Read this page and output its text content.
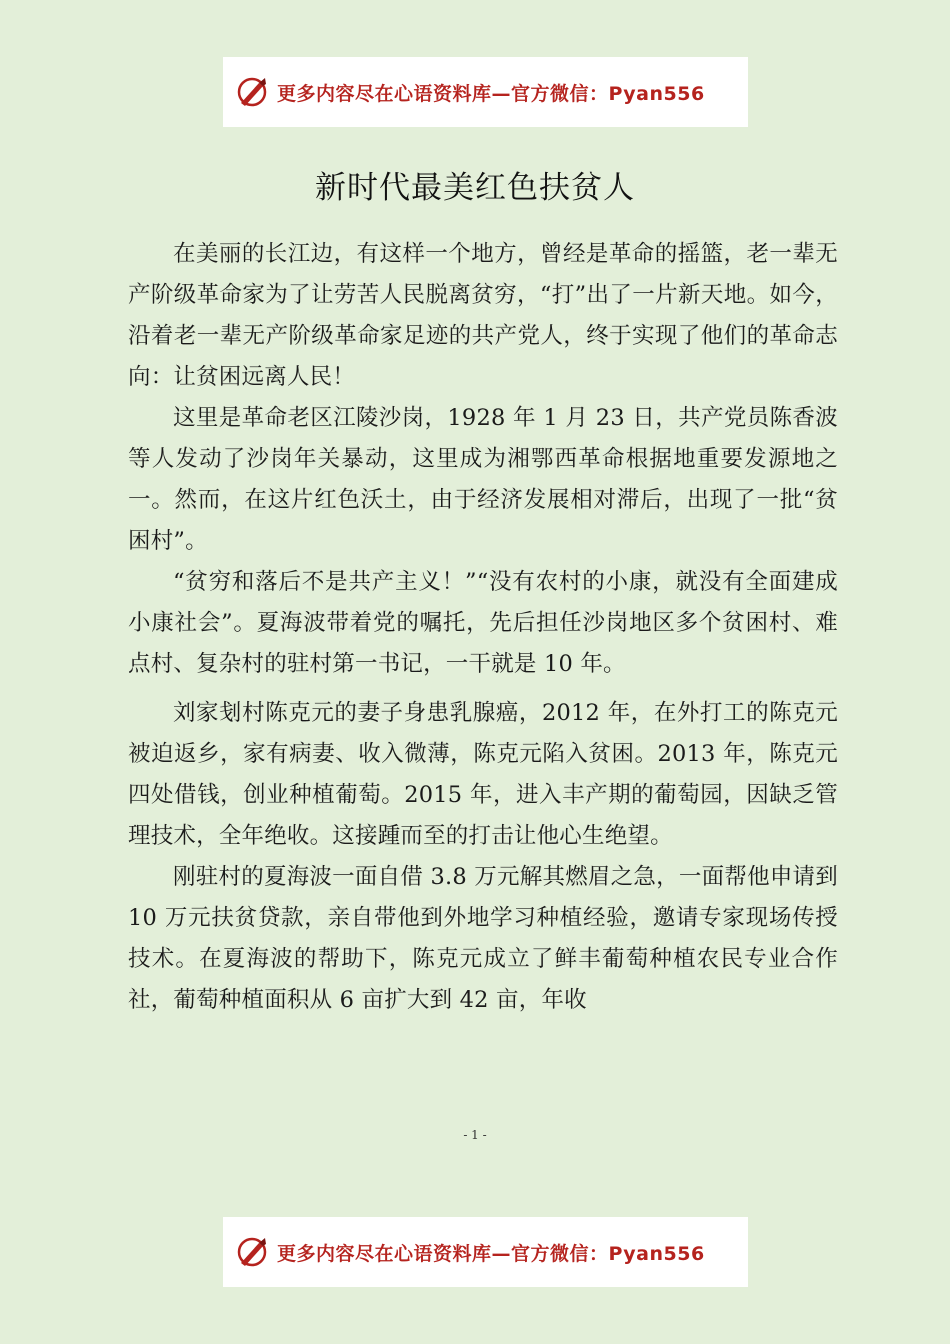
更多内容尽在心语资料库—官方微信：Pyan556
新时代最美红色扶贫人

在美丽的长江边，有这样一个地方，曾经是革命的摇篮，老一辈无产阶级革命家为了让劳苦人民脱离贫穷，“打”出了一片新天地。如今，沿着老一辈无产阶级革命家足迹的共产党人，终于实现了他们的革命志向：让贫困远离人民！

这里是革命老区江陵沙岗，1928 年 1 月 23 日，共产党员陈香波等人发动了沙岗年关暴动，这里成为湘鄂西革命根据地重要发源地之一。然而，在这片红色沃土，由于经济发展相对滞后，出现了一批“贫困村”。

“贫穷和落后不是共产主义！”“没有农村的小康，就没有全面建成小康社会”。夏海波带着党的嘱托，先后担任沙岗地区多个贫困村、难点村、复杂村的驻村第一书记，一干就是 10 年。

刘家刬村陈克元的妻子身患乳腺癌，2012 年，在外打工的陈克元被迫返乡，家有病妻、收入微薄，陈克元陷入贫困。2013 年，陈克元四处借钱，创业种植葡萄。2015 年，进入丰产期的葡萄园，因缺乏管理技术，全年绝收。这接踵而至的打击让他心生绝望。

刚驻村的夏海波一面自借 3.8 万元解其燃眉之急，一面帮他申请到 10 万元扶贫贷款，亲自带他到外地学习种植经验，邀请专家现场传授技术。在夏海波的帮助下，陈克元成立了鲜丰葡萄种植农民专业合作社，葡萄种植面积从 6 亩扩大到 42 亩，年收

- 1 -
更多内容尽在心语资料库—官方微信：Pyan556
